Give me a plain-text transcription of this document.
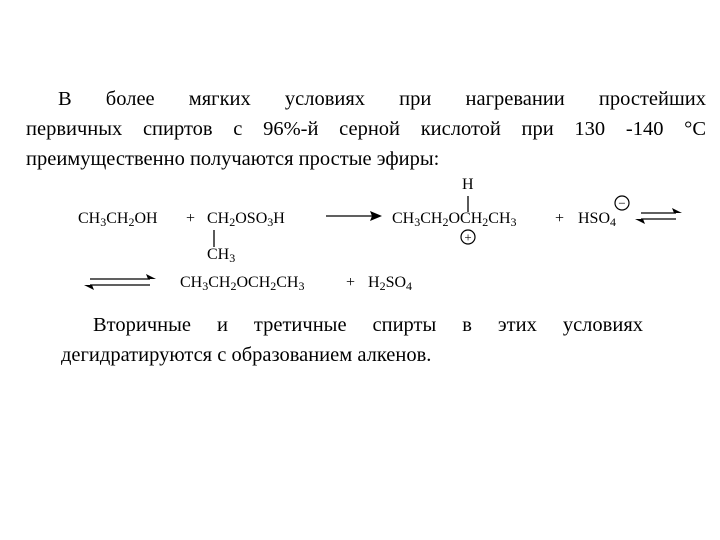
В более мягких условиях при нагревании простейших
первичных спиртов с 96%-й серной кислотой при 130 -140 °С
преимущественно получаются простые эфиры:
$CH_3CH_2OH + CH_2OSO_3H$
$CH_3$
$CH_3CH_2OCH_2CH_3$
H
+ $HSO_4$
$CH_3CH_2OCH_2CH_3$	+ $H_2SO_4$
+
−
Вторичные и третичные спирты в этих условиях
дегидратируются с образованием алкенов.
